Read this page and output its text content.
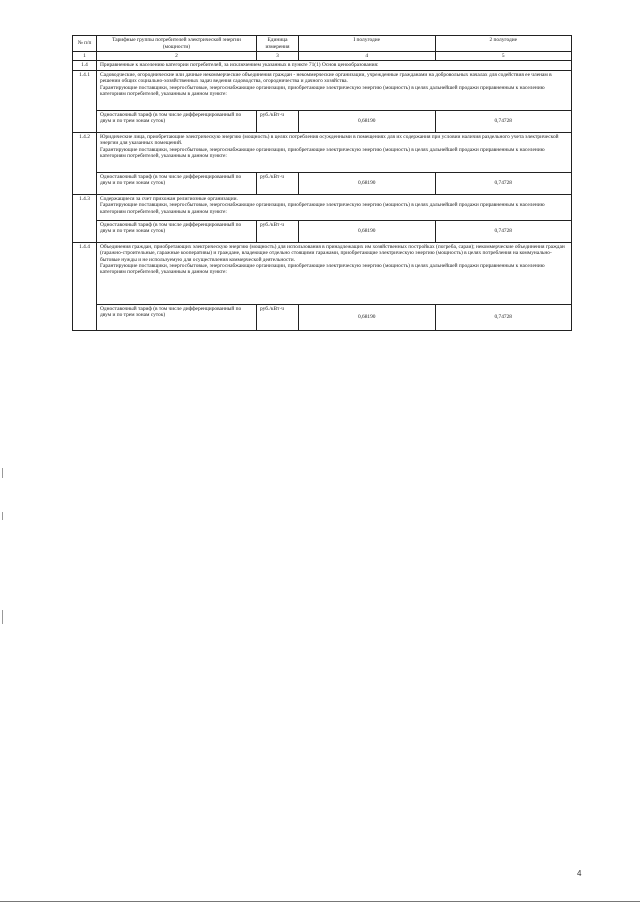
№ п/п	Тарифные группы потребителей электрической энергии (мощности)	Единица измерения	I полугодие	2 полугодие
1	2	3	4	5
1.4	Приравненные к населению категории потребителей, за исключением указанных в пункте 71(1) Основ ценообразования:			
1.4.1	Садоводческие, огороднические или дачные некоммерческие объединения граждан - некоммерческие организации, учрежденные гражданами на добровольных началах для содействия ее членам в решении общих социально-хозяйственных задач ведения садоводства, огородничества и дачного хозяйства.
Гарантирующие поставщики, энергосбытовые, энергоснабжающие организации, приобретающие электрическую энергию (мощность) в целях дальнейшей продажи приравненным к населению категориям потребителей, указанным в данном пункте:			

	Одноставочный тариф (в том числе дифференцированный по двум и по трем зонам суток)	руб./кВт·ч	0,68190	0,74728
1.4.2	Юридические лица, приобретающие электрическую энергию (мощность) в целях потребления осужденными в помещениях для их содержания при условии наличия раздельного учета электрической энергии для указанных помещений.
Гарантирующие поставщики, энергосбытовые, энергоснабжающие организации, приобретающие электрическую энергию (мощность) в целях дальнейшей продажи приравненным к населению категориям потребителей, указанным в данном пункте:			

	Одноставочный тариф (в том числе дифференцированный по двум и по трем зонам суток)	руб./кВт·ч	0,68190	0,74728
1.4.3	Содержащиеся за счет прихожан религиозные организации.
Гарантирующие поставщики, энергосбытовые, энергоснабжающие организации, приобретающие электрическую энергию (мощность) в целях дальнейшей продажи приравненным к населению категориям потребителей, указанным в данном пункте:			

	Одноставочный тариф (в том числе дифференцированный по двум и по трем зонам суток)	руб./кВт·ч	0,68190	0,74728
1.4.4	Объединения граждан, приобретающих электрическую энергию (мощность) для использования в принадлежащих им хозяйственных постройках (погреба, сараи); некоммерческие объединения граждан (гаражно-строительные, гаражные кооперативы) и граждане, владеющие отдельно стоящими гаражами, приобретающие электрическую энергию (мощность) в целях потребления на коммунально-бытовые нужды и не используемую для осуществления коммерческой деятельности.
Гарантирующие поставщики, энергосбытовые, энергоснабжающие организации, приобретающие электрическую энергию (мощность) в целях дальнейшей продажи приравненным к населению категориям потребителей, указанным в данном пункте:			

	Одноставочный тариф (в том числе дифференцированный по двум и по трем зонам суток)	руб./кВт·ч	0,68190	0,74728
4
